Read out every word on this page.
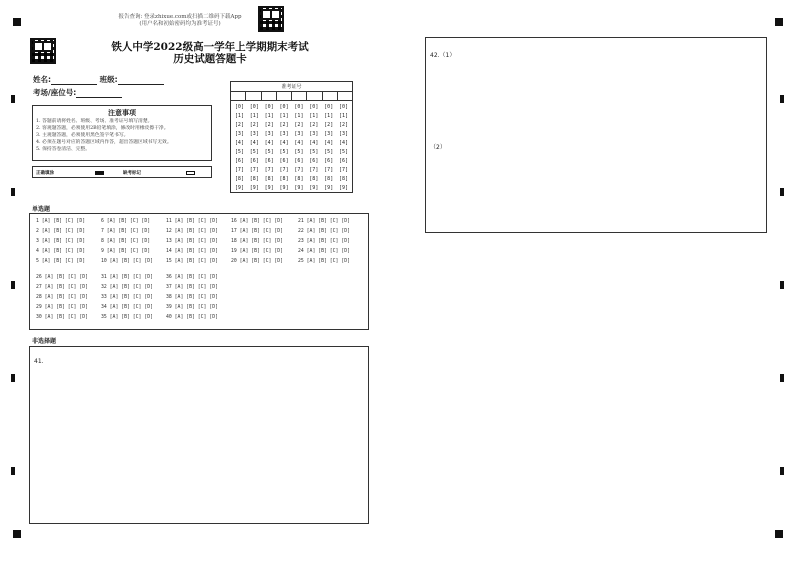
报告查询: 登录zhixue.com或扫描二维码下载App
(用户名和初始密码均为准考证号)
铁人中学2022级高一学年上学期期末考试
历史试题答题卡
姓名:	班级:
考场/座位号:
注意事项
1. 答题前请将姓名、班级、考场、准考证号填写清楚。
2. 客观题答题，必须使用2B铅笔填涂，修改时用橡皮擦干净。
3. 主观题答题，必须使用黑色签字笔书写。
4. 必须在题号对应的答题区域内作答，超出答题区域书写无效。
5. 保持答卷清洁、完整。
正确填涂	缺考标记
准考证号
[0]
[1]
[2]
[3]
[4]
[5]
[6]
[7]
[8]
[9]
[0]
[1]
[2]
[3]
[4]
[5]
[6]
[7]
[8]
[9]
[0]
[1]
[2]
[3]
[4]
[5]
[6]
[7]
[8]
[9]
[0]
[1]
[2]
[3]
[4]
[5]
[6]
[7]
[8]
[9]
[0]
[1]
[2]
[3]
[4]
[5]
[6]
[7]
[8]
[9]
[0]
[1]
[2]
[3]
[4]
[5]
[6]
[7]
[8]
[9]
[0]
[1]
[2]
[3]
[4]
[5]
[6]
[7]
[8]
[9]
[0]
[1]
[2]
[3]
[4]
[5]
[6]
[7]
[8]
[9]
单选题
1 [A] [B] [C] [D]
2 [A] [B] [C] [D]
3 [A] [B] [C] [D]
4 [A] [B] [C] [D]
5 [A] [B] [C] [D]
6 [A] [B] [C] [D]
7 [A] [B] [C] [D]
8 [A] [B] [C] [D]
9 [A] [B] [C] [D]
10 [A] [B] [C] [D]
11 [A] [B] [C] [D]
12 [A] [B] [C] [D]
13 [A] [B] [C] [D]
14 [A] [B] [C] [D]
15 [A] [B] [C] [D]
16 [A] [B] [C] [D]
17 [A] [B] [C] [D]
18 [A] [B] [C] [D]
19 [A] [B] [C] [D]
20 [A] [B] [C] [D]
21 [A] [B] [C] [D]
22 [A] [B] [C] [D]
23 [A] [B] [C] [D]
24 [A] [B] [C] [D]
25 [A] [B] [C] [D]
26 [A] [B] [C] [D]
27 [A] [B] [C] [D]
28 [A] [B] [C] [D]
29 [A] [B] [C] [D]
30 [A] [B] [C] [D]
31 [A] [B] [C] [D]
32 [A] [B] [C] [D]
33 [A] [B] [C] [D]
34 [A] [B] [C] [D]
35 [A] [B] [C] [D]
36 [A] [B] [C] [D]
37 [A] [B] [C] [D]
38 [A] [B] [C] [D]
39 [A] [B] [C] [D]
40 [A] [B] [C] [D]
非选择题
41.
42.（1）
（2）
